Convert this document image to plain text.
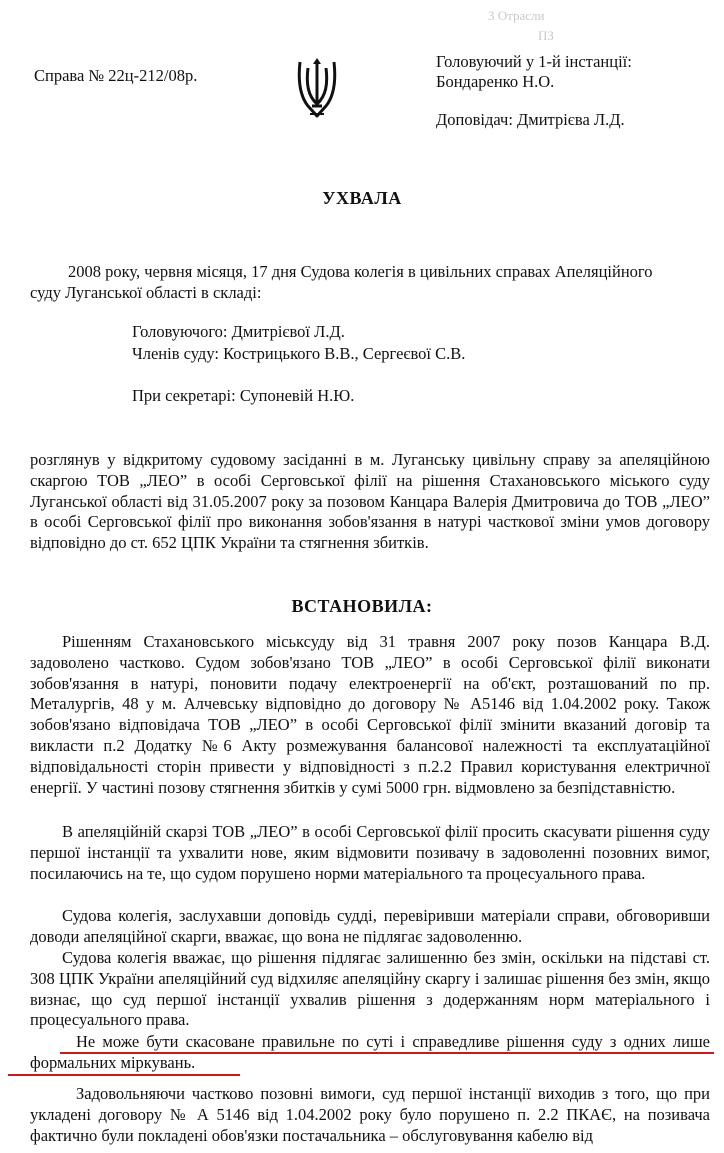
3 Отрасли
ПЗ
Справа № 22ц-212/08р.
Головуючий у 1-й інстанції:
Бондаренко Н.О.
Доповідач: Дмитрієва Л.Д.
УХВАЛА
2008 року, червня місяця, 17 дня Судова колегія в цивільних справах Апеляційного
суду Луганської області в складі:
Головуючого: Дмитрієвої Л.Д.
Членів суду: Кострицького В.В., Сергеєвої С.В.
При секретарі: Супоневій Н.Ю.
розглянув у відкритому судовому засіданні в м. Луганську цивільну справу за апеляційною скаргою ТОВ „ЛЕО” в особі Серговської філії на рішення Стахановського міського суду Луганської області від 31.05.2007 року за позовом Канцара Валерія Дмитровича до ТОВ „ЛЕО” в особі Серговської філії про виконання зобов'язання в натурі часткової зміни умов договору відповідно до ст. 652 ЦПК України та стягнення збитків.
ВСТАНОВИЛА:
Рішенням Стахановського міськсуду від 31 травня 2007 року позов Канцара В.Д. задоволено частково. Судом зобов'язано ТОВ „ЛЕО” в особі Серговської філії виконати зобов'язання в натурі, поновити подачу електроенергії на об'єкт, розташований по пр. Металургів, 48 у м. Алчевську відповідно до договору № А5146 від 1.04.2002 року. Також зобов'язано відповідача ТОВ „ЛЕО” в особі Серговської філії змінити вказаний договір та викласти п.2 Додатку №6 Акту розмежування балансової належності та експлуатаційної відповідальності сторін привести у відповідності з п.2.2 Правил користування електричної енергії. У частині позову стягнення збитків у сумі 5000 грн. відмовлено за безпідставністю.
В апеляційній скарзі ТОВ „ЛЕО” в особі Серговської філії просить скасувати рішення суду першої інстанції та ухвалити нове, яким відмовити позивачу в задоволенні позовних вимог, посилаючись на те, що судом порушено норми матеріального та процесуального права.
Судова колегія, заслухавши доповідь судді, перевіривши матеріали справи, обговоривши доводи апеляційної скарги, вважає, що вона не підлягає задоволенню.
Судова колегія вважає, що рішення підлягає залишенню без змін, оскільки на підставі ст. 308 ЦПК України апеляційний суд відхиляє апеляційну скаргу і залишає рішення без змін, якщо визнає, що суд першої інстанції ухвалив рішення з додержанням норм матеріального і процесуального права.
Не може бути скасоване правильне по суті і справедливе рішення суду з одних лише формальних міркувань.
Задовольняючи частково позовні вимоги, суд першої інстанції виходив з того, що при укладені договору № А 5146 від 1.04.2002 року було порушено п. 2.2 ПКАЄ, на позивача фактично були покладені обов'язки постачальника – обслуговування кабелю від
